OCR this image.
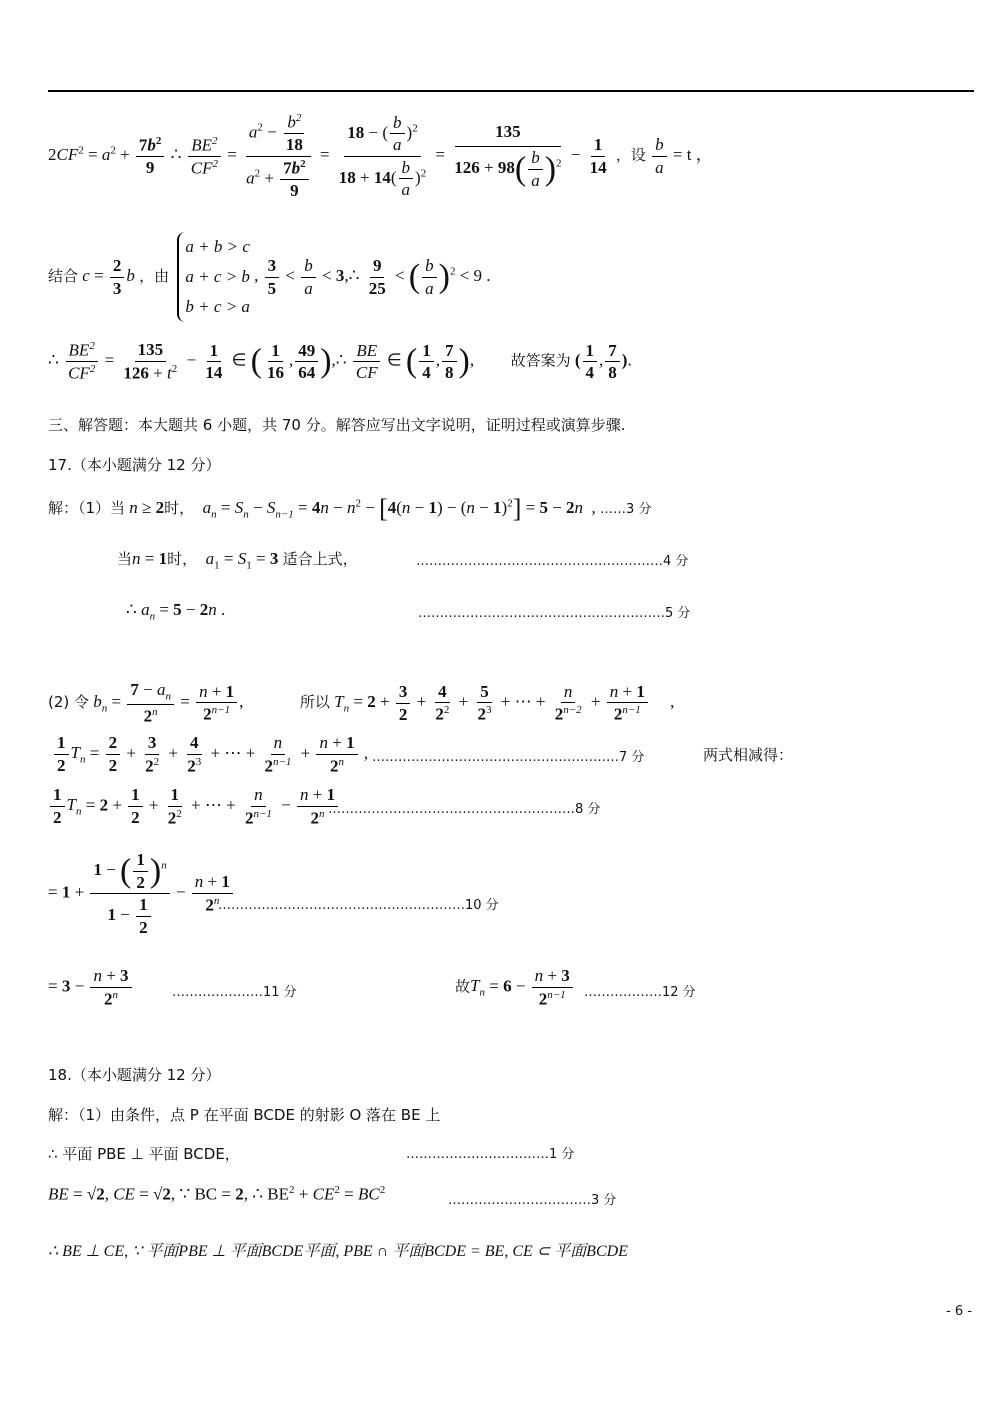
$2CF^2 = a^2 + \frac{7b^2}{9}$ ∴ $\frac{BE^2}{CF^2} = \frac{a^2 - \frac{b^2}{18}}{a^2 + \frac{7b^2}{9}} = \frac{18 - ( \frac{b}{a} )^2}{18 + 14( \frac{b}{a} )^2} = \frac{135}{126 + 98( \frac{b}{a} )^2} - \frac{1}{14}$ ，设 $\frac{b}{a} = t$ ，
结合 $c = \frac{2}{3}$ b ，由
a + b > c
a + c > b
b + c > a
, $\frac{3}{5} < \frac{b}{a}$ < 3,∴ $\frac{9}{25}$ < ( $\frac{b}{a} )^2 < 9$ .
∴ $\frac{BE^2}{CF^2} = \frac{135}{126 + t^2} - \frac{1}{14}$ ∈ ( $\frac{1}{16}$ , $\frac{49}{64}$ ),∴ $\frac{BE}{CF}$ ∈ ( $\frac{1}{4}$ , $\frac{7}{8}$ ),  故答案为 ( $\frac{1}{4}$ , $\frac{7}{8}$ ).
三、解答题：本大题共 6 小题，共 70 分。解答应写出文字说明，证明过程或演算步骤.
17.（本小题满分 12 分）
解：（1）当 n ≥ 2时， $a_n = S_n - S_{n-1} = 4n - n^2 - [4(n - 1) - (n - 1)^2] = 5 - 2n$  , ……3 分
当n = 1时， $a_1 = S_1 = 3$ 适合上式，	…………………………………………………4 分
∴ $a_n = 5 - 2n$ .	…………………………………………………5 分
(2) 令 $b_n = \frac{7 - a_n}{2^n} = \frac{n + 1}{2^{n-1}}$ ,	所以 $T_n = 2 + \frac{3}{2} + \frac{4}{2^2} + \frac{5}{2^3}$ + ⋯ + $\frac{n}{2^{n-2}} + \frac{n + 1}{2^{n-1}}$ ,
$\frac{1}{2} T_n = \frac{2}{2} + \frac{3}{2^2} + \frac{4}{2^3}$ + ⋯ + $\frac{n}{2^{n-1}} + \frac{n + 1}{2^n}$ , …………………………………………………7 分	两式相减得：
$\frac{1}{2} T_n = 2 + \frac{1}{2} + \frac{1}{2^2}$ + ⋯ + $\frac{n}{2^{n-1}} - \frac{n + 1}{2^n}$
…………………………………………………8 分
= $1 + \frac{1 - ( \frac{1}{2} )^n}{1 - \frac{1}{2}} - \frac{n + 1}{2^n}$
…………………………………………………10 分
= $3 - \frac{n + 3}{2^n}$	…………………11 分	故$T_n = 6 - \frac{n + 3}{2^{n-1}}$ ………………12 分
18.（本小题满分 12 分）
解：（1）由条件，点 P 在平面 BCDE 的射影 O 落在 BE 上
∴ 平面 PBE ⊥ 平面 BCDE，	……………………………1 分
BE = √2, CE = √2, ∵ BC = 2, ∴ $BE^2 + CE^2 = BC^2$
……………………………3 分
∴ BE ⊥ CE, ∵ 平面PBE ⊥ 平面BCDE平面, PBE ∩ 平面BCDE = BE, CE ⊂ 平面BCDE
- 6 -
